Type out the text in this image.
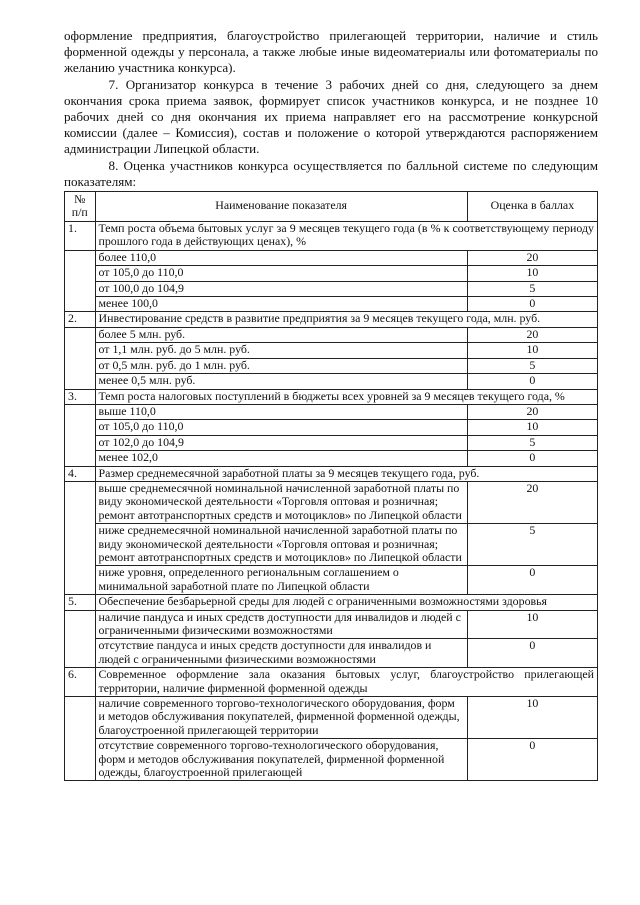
оформление предприятия, благоустройство прилегающей территории, наличие и стиль форменной одежды у персонала, а также любые иные видеоматериалы или фотоматериалы по желанию участника конкурса).

7. Организатор конкурса в течение 3 рабочих дней со дня, следующего за днем окончания срока приема заявок, формирует список участников конкурса, и не позднее 10 рабочих дней со дня окончания их приема направляет его на рассмотрение конкурсной комиссии (далее – Комиссия), состав и положение о которой утверждаются распоряжением администрации Липецкой области.

8. Оценка участников конкурса осуществляется по балльной системе по следующим показателям:

№ п/п	Наименование показателя	Оценка в баллах
1.	Темп роста объема бытовых услуг за 9 месяцев текущего года (в % к соответствующему периоду прошлого года в действующих ценах), %	
	более 110,0	20
	от 105,0 до 110,0	10
	от 100,0 до 104,9	5
	менее 100,0	0
2.	Инвестирование средств в развитие предприятия за 9 месяцев текущего года, млн. руб.	
	более 5 млн. руб.	20
	от 1,1 млн. руб. до 5 млн. руб.	10
	от 0,5 млн. руб. до 1 млн. руб.	5
	менее 0,5 млн. руб.	0
3.	Темп роста налоговых поступлений в бюджеты всех уровней за 9 месяцев текущего года, %	
	выше 110,0	20
	от 105,0 до 110,0	10
	от 102,0 до 104,9	5
	менее 102,0	0
4.	Размер среднемесячной заработной платы за 9 месяцев текущего года, руб.	
	выше среднемесячной номинальной начисленной заработной платы по виду экономической деятельности «Торговля оптовая и розничная; ремонт автотранспортных средств и мотоциклов» по Липецкой области	20
	ниже среднемесячной номинальной начисленной заработной платы по виду экономической деятельности «Торговля оптовая и розничная; ремонт автотранспортных средств и мотоциклов» по Липецкой области	5
	ниже уровня, определенного региональным соглашением о минимальной заработной плате по Липецкой области	0
5.	Обеспечение безбарьерной среды для людей с ограниченными возможностями здоровья	
	наличие пандуса и иных средств доступности для инвалидов и людей с ограниченными физическими возможностями	10
	отсутствие пандуса и иных средств доступности для инвалидов и людей с ограниченными физическими возможностями	0
6.	Современное оформление зала оказания бытовых услуг, благоустройство прилегающей территории, наличие фирменной форменной одежды	
	наличие современного торгово-технологического оборудования, форм и методов обслуживания покупателей, фирменной форменной одежды, благоустроенной прилегающей территории	10
	отсутствие современного торгово-технологического оборудования, форм и методов обслуживания покупателей, фирменной форменной одежды, благоустроенной прилегающей	0
